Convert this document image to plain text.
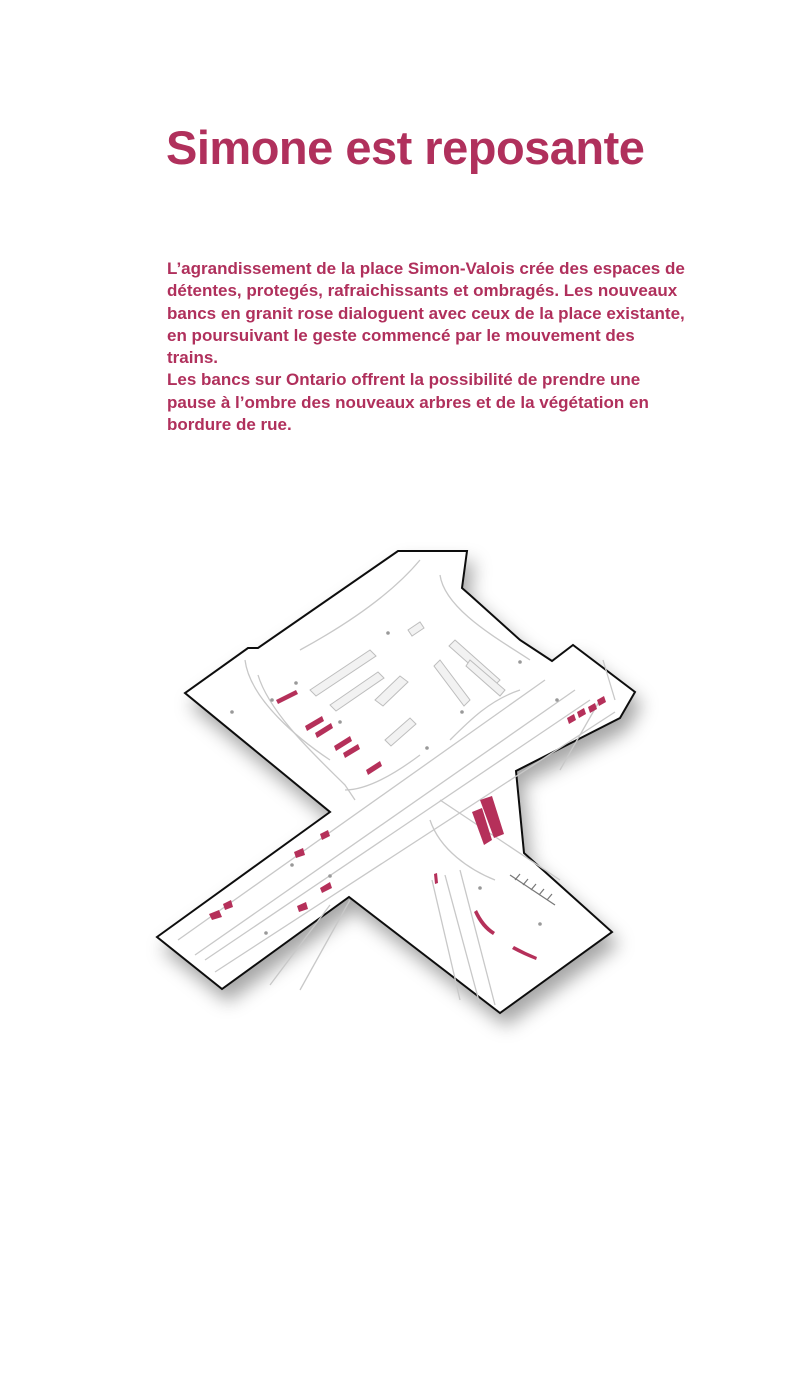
Simone est reposante

L’agrandissement de la place Simon-Valois crée des espaces de détentes, protegés, rafraichissants et ombragés. Les nouveaux bancs en granit rose dialoguent avec ceux de la place existante, en poursuivant le geste commencé par le mouvement des trains.

Les bancs sur Ontario offrent la possibilité de prendre une pause à l’ombre des nouveaux arbres et de la végétation en bordure de rue.
